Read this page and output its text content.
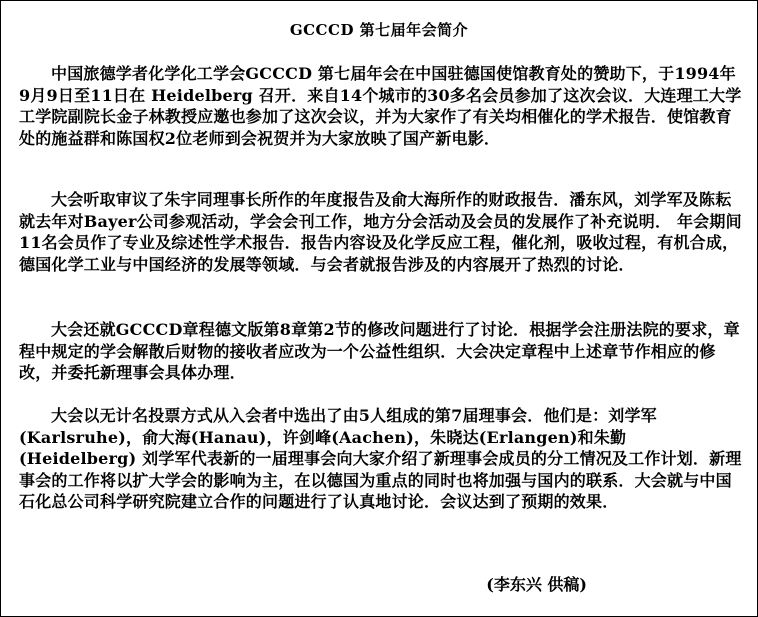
GCCCD 第七届年会简介

中国旅德学者化学化工学会GCCCD 第七届年会在中国驻德国使馆教育处的赞助下，于1994年9月9日至11日在 Heidelberg 召开．来自14个城市的30多名会员参加了这次会议．大连理工大学工学院副院长金子林教授应邀也参加了这次会议，并为大家作了有关均相催化的学术报告．使馆教育处的施益群和陈国权2位老师到会祝贺并为大家放映了国产新电影．

大会听取审议了朱宇同理事长所作的年度报告及俞大海所作的财政报告．潘东风，刘学军及陈耘就去年对Bayer公司参观活动，学会会刊工作，地方分会活动及会员的发展作了补充说明． 年会期间11名会员作了专业及综述性学术报告．报告内容设及化学反应工程，催化剂，吸收过程，有机合成，德国化学工业与中国经济的发展等领域．与会者就报告涉及的内容展开了热烈的讨论．

大会还就GCCCD章程德文版第8章第2节的修改问题进行了讨论．根据学会注册法院的要求，章程中规定的学会解散后财物的接收者应改为一个公益性组织．大会决定章程中上述章节作相应的修改，并委托新理事会具体办理．

大会以无计名投票方式从入会者中选出了由5人组成的第7届理事会．他们是：刘学军(Karlsruhe)，俞大海(Hanau)，许剑峰(Aachen)，朱晓达(Erlangen)和朱勤(Heidelberg) 刘学军代表新的一届理事会向大家介绍了新理事会成员的分工情况及工作计划．新理事会的工作将以扩大学会的影响为主，在以德国为重点的同时也将加强与国内的联系．大会就与中国石化总公司科学研究院建立合作的问题进行了认真地讨论．会议达到了预期的效果．

(李东兴 供稿)
